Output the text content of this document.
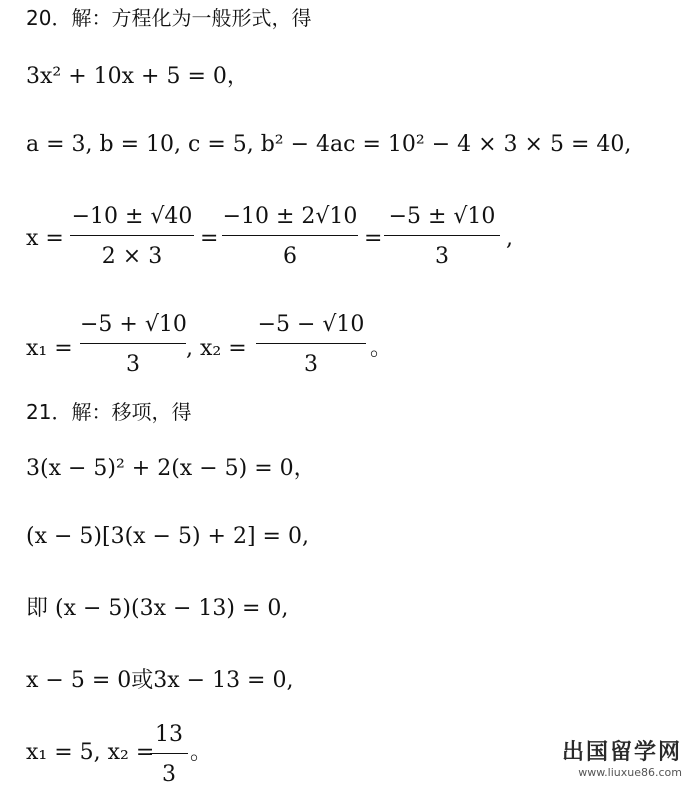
20．解：方程化为一般形式，得
3x² + 10x + 5 = 0，
a = 3, b = 10, c = 5, b² − 4ac = 10² − 4 × 3 × 5 = 40,
x =
−10 ± √40
2 × 3
=
−10 ± 2√10
6
=
−5 ± √10
3
,
x₁ =
−5 + √10
3
, x₂ =
−5 − √10
3
。
21．解：移项，得
3(x − 5)² + 2(x − 5) = 0，
(x − 5)[3(x − 5) + 2] = 0,
即 (x − 5)(3x − 13) = 0,
x − 5 = 0或3x − 13 = 0,
x₁ = 5, x₂ =
13
3
。	出国留学网
www.liuxue86.com
